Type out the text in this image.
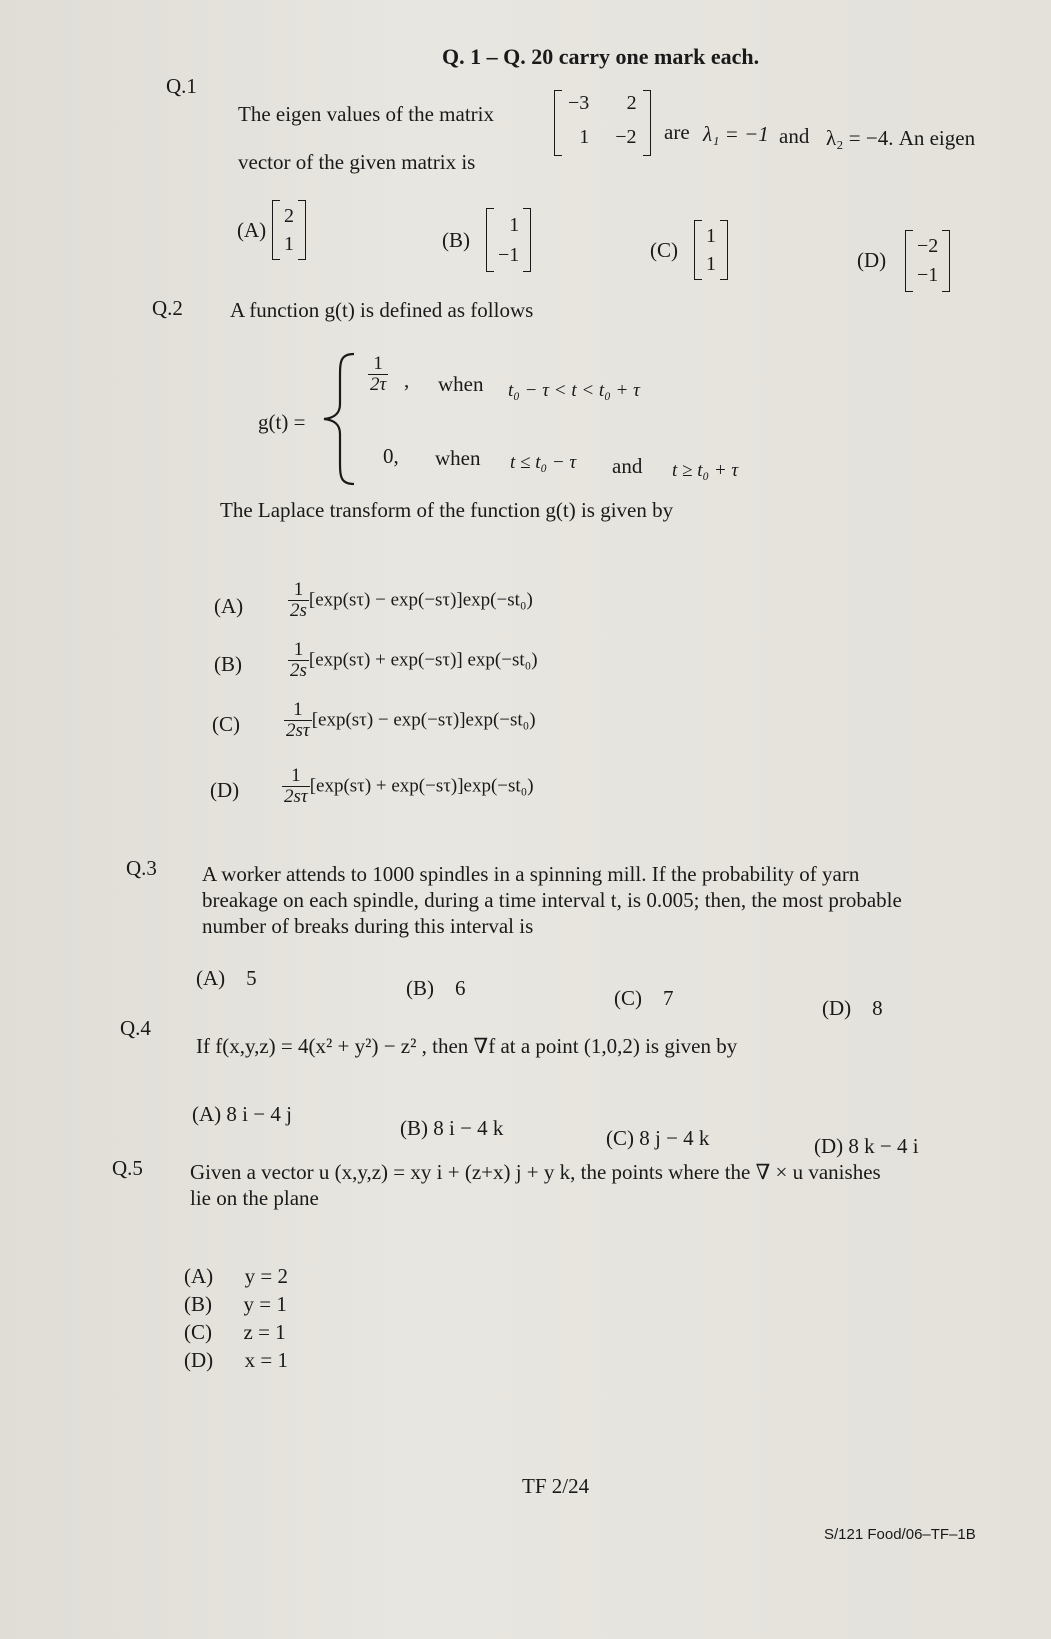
Q. 1 – Q. 20 carry one mark each.
Q.1
The eigen values of the matrix	−3	2
1 −2 are λ₁ = −1 and λ₂ = −4. An eigen
vector of the given matrix is
(A)
2
1	(B)
1
−1	(C)
1
1	(D)
−2
−1
Q.2 A function g(t) is defined as follows
g(t) =
$\frac{1}{2\tau}$ , when t₀ − τ < t < t₀ + τ
0, when t ≤ t₀ − τ and t ≥ t₀ + τ
The Laplace transform of the function g(t) is given by
$(A) \frac{1}{2s} [\exp(s\tau) - \exp(-s\tau)]\exp(-st_0)$
$(B) \frac{1}{2s} [\exp(s\tau) + \exp(-s\tau)]$ exp(−st₀)
$(C) \frac{1}{2s\tau} [\exp(s\tau) - \exp(-s\tau)]\exp(-st_0)$
$(D) \frac{1}{2s\tau} [\exp(s\tau) + \exp(-s\tau)]\exp(-st_0)$
Q.3 A worker attends to 1000 spindles in a spinning mill. If the probability of yarn
breakage on each spindle, during a time interval t, is 0.005; then, the most probable
number of breaks during this interval is
(A) 5	(B) 6	(C) 7	(D) 8
Q.4
If f(x,y,z) = 4(x² + y²) − z² , then ∇f at a point (1,0,2) is given by
(A) 8 i − 4 j
(B) 8 i − 4 k	(C) 8 j − 4 k	(D) 8 k − 4 i
Q.5 Given a vector u (x,y,z) = xy i + (z+x) j + y k, the points where the ∇ × u vanishes
lie on the plane
(A) y = 2
(B) y = 1
(C) z = 1
(D) x = 1
TF 2/24
S/121 Food/06–TF–1B
